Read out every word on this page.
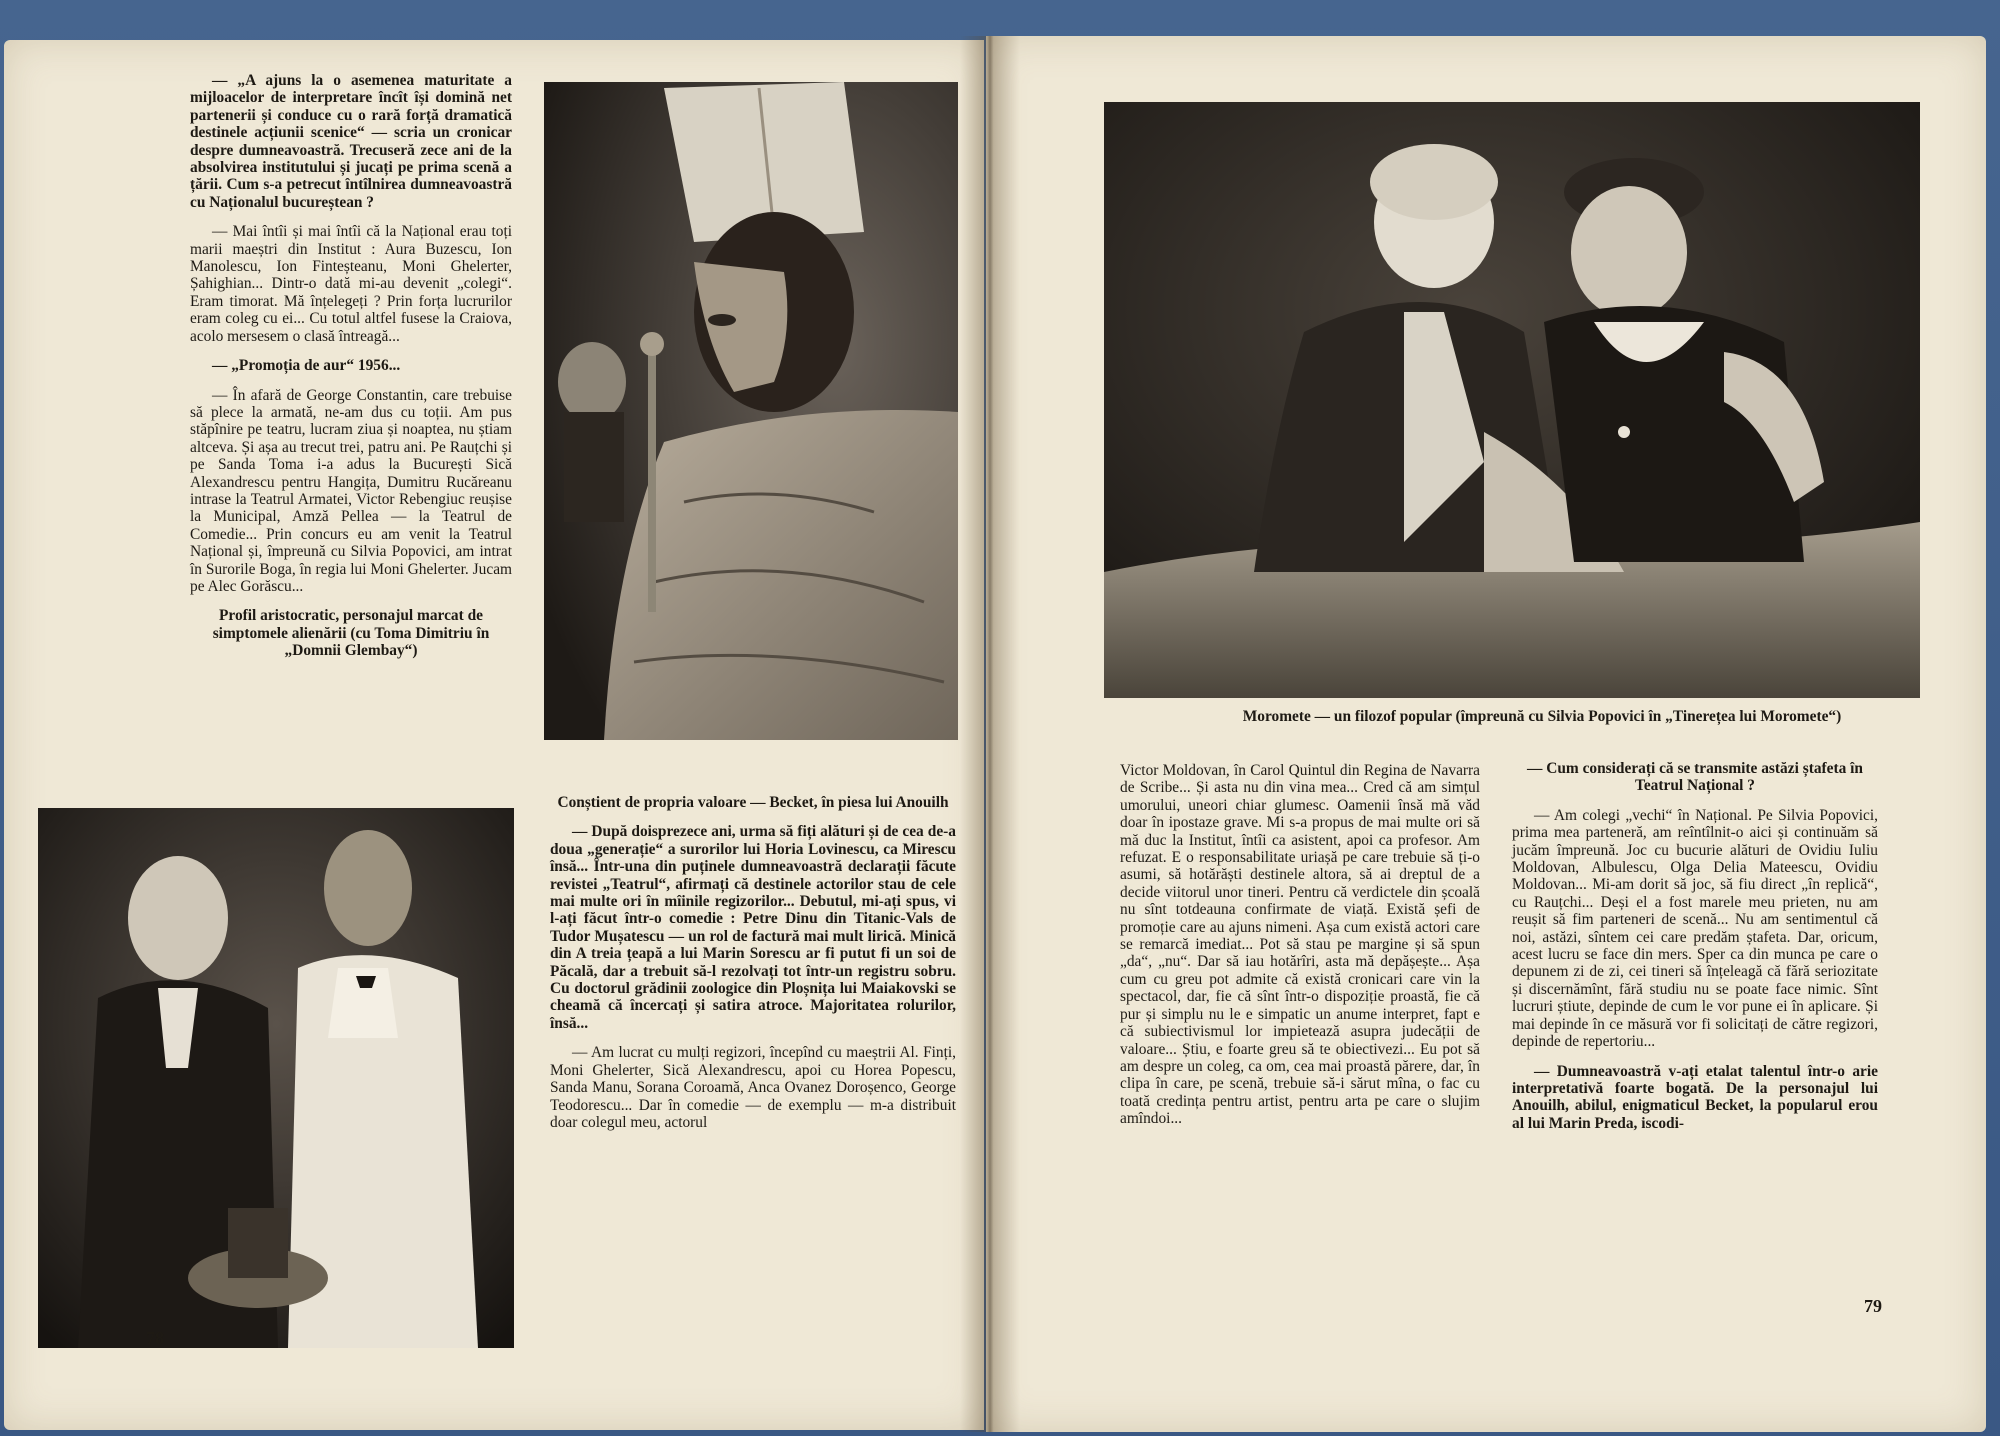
— „A ajuns la o asemenea maturitate a mijloacelor de interpretare încît își domină net partenerii și conduce cu o rară forță dramatică destinele acțiunii scenice“ — scria un cronicar despre dumneavoastră. Trecuseră zece ani de la absolvirea institutului și jucați pe prima scenă a țării. Cum s-a petrecut întîlnirea dumneavoastră cu Naționalul bucureștean ?

— Mai întîi și mai întîi că la Național erau toți marii maeștri din Institut : Aura Buzescu, Ion Manolescu, Ion Finteșteanu, Moni Ghelerter, Șahighian... Dintr-o dată mi-au devenit „colegi“. Eram timorat. Mă înțelegeți ? Prin forța lucrurilor eram coleg cu ei... Cu totul altfel fusese la Craiova, acolo mersesem o clasă întreagă...

— „Promoția de aur“ 1956...

— În afară de George Constantin, care trebuise să plece la armată, ne-am dus cu toții. Am pus stăpînire pe teatru, lucram ziua și noaptea, nu știam altceva. Și așa au trecut trei, patru ani. Pe Rauțchi și pe Sanda Toma i-a adus la București Sică Alexandrescu pentru Hangița, Dumitru Rucăreanu intrase la Teatrul Armatei, Victor Rebengiuc reușise la Municipal, Amză Pellea — la Teatrul de Comedie... Prin concurs eu am venit la Teatrul Național și, împreună cu Silvia Popovici, am intrat în Surorile Boga, în regia lui Moni Ghelerter. Jucam pe Alec Gorăscu...

Profil aristocratic, personajul marcat de simptomele alienării (cu Toma Dimitriu în „Domnii Glembay“)

Conștient de propria valoare — Becket, în piesa lui Anouilh

— După doisprezece ani, urma să fiți alături și de cea de-a doua „generație“ a surorilor lui Horia Lovinescu, ca Mirescu însă... Într-una din puținele dumneavoastră declarații făcute revistei „Teatrul“, afirmați că destinele actorilor stau de cele mai multe ori în mîinile regizorilor... Debutul, mi-ați spus, vi l-ați făcut într-o comedie : Petre Dinu din Titanic-Vals de Tudor Mușatescu — un rol de factură mai mult lirică. Minică din A treia țeapă a lui Marin Sorescu ar fi putut fi un soi de Păcală, dar a trebuit să-l rezolvați tot într-un registru sobru. Cu doctorul grădinii zoologice din Ploșnița lui Maiakovski se cheamă că încercați și satira atroce. Majoritatea rolurilor, însă...

— Am lucrat cu mulți regizori, începînd cu maeștrii Al. Finți, Moni Ghelerter, Sică Alexandrescu, apoi cu Horea Popescu, Sanda Manu, Sorana Coroamă, Anca Ovanez Doroșenco, George Teodorescu... Dar în comedie — de exemplu — m-a distribuit doar colegul meu, actorul

78
Moromete — un filozof popular (împreună cu Silvia Popovici în „Tinerețea lui Moromete“)

Victor Moldovan, în Carol Quintul din Regina de Navarra de Scribe... Și asta nu din vina mea... Cred că am simțul umorului, uneori chiar glumesc. Oamenii însă mă văd doar în ipostaze grave. Mi s-a propus de mai multe ori să mă duc la Institut, întîi ca asistent, apoi ca profesor. Am refuzat. E o responsabilitate uriașă pe care trebuie să ți-o asumi, să hotărăști destinele altora, să ai dreptul de a decide viitorul unor tineri. Pentru că verdictele din școală nu sînt totdeauna confirmate de viață. Există șefi de promoție care au ajuns nimeni. Așa cum există actori care se remarcă imediat... Pot să stau pe margine și să spun „da“, „nu“. Dar să iau hotărîri, asta mă depășește... Așa cum cu greu pot admite că există cronicari care vin la spectacol, dar, fie că sînt într-o dispoziție proastă, fie că pur și simplu nu le e simpatic un anume interpret, fapt e că subiectivismul lor impietează asupra judecății de valoare... Știu, e foarte greu să te obiectivezi... Eu pot să am despre un coleg, ca om, cea mai proastă părere, dar, în clipa în care, pe scenă, trebuie să-i sărut mîna, o fac cu toată credința pentru artist, pentru arta pe care o slujim amîndoi...

— Cum considerați că se transmite astăzi ștafeta în Teatrul Național ?

— Am colegi „vechi“ în Național. Pe Silvia Popovici, prima mea parteneră, am reîntîlnit-o aici și continuăm să jucăm împreună. Joc cu bucurie alături de Ovidiu Iuliu Moldovan, Albulescu, Olga Delia Mateescu, Ovidiu Moldovan... Mi-am dorit să joc, să fiu direct „în replică“, cu Rauțchi... Deși el a fost marele meu prieten, nu am reușit să fim parteneri de scenă... Nu am sentimentul că noi, astăzi, sîntem cei care predăm ștafeta. Dar, oricum, acest lucru se face din mers. Sper ca din munca pe care o depunem zi de zi, cei tineri să înțeleagă că fără seriozitate și discernămînt, fără studiu nu se poate face nimic. Sînt lucruri știute, depinde de cum le vor pune ei în aplicare. Și mai depinde în ce măsură vor fi solicitați de către regizori, depinde de repertoriu...

— Dumneavoastră v-ați etalat talentul într-o arie interpretativă foarte bogată. De la personajul lui Anouilh, abilul, enigmaticul Becket, la popularul erou al lui Marin Preda, iscodi-

79
